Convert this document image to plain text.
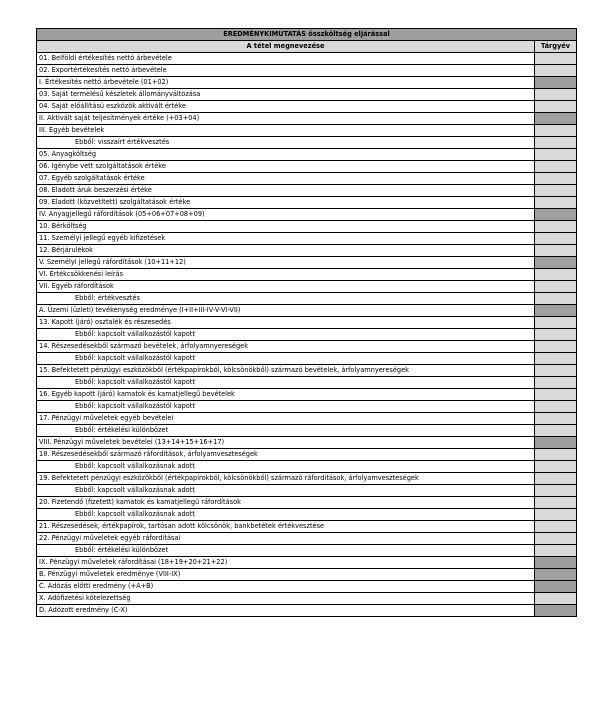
EREDMÉNYKIMUTATÁS összköltség eljárással	
A tétel megnevezése	Tárgyév
01. Belföldi értékesítés nettó árbevétele	
02. Exportértékesítés nettó árbevétele	
I. Értékesítés nettó árbevétele (01+02)	
03. Saját termelésű készletek állományváltozása	
04. Saját előállítású eszközök aktivált értéke	
II. Aktivált saját teljesítmények értéke (+03+04)	
III. Egyéb bevételek	
Ebből: visszaírt értékvesztés	
05. Anyagköltség	
06. Igénybe vett szolgáltatások értéke	
07. Egyéb szolgáltatások értéke	
08. Eladott áruk beszerzési értéke	
09. Eladott (közvetített) szolgáltatások értéke	
IV. Anyagjellegű ráfordítások (05+06+07+08+09)	
10. Bérköltség	
11. Személyi jellegű egyéb kifizetések	
12. Bérjárulékok	
V. Személyi jellegű ráfordítások (10+11+12)	
VI. Értékcsökkenési leírás	
VII. Egyéb ráfordítások	
Ebből: értékvesztés	
A. Üzemi (üzleti) tevékenység eredménye (I+II+III-IV-V-VI-VII)	
13. Kapott (járó) osztalék és részesedés	
Ebből: kapcsolt vállalkozástól kapott	
14. Részesedésekből származó bevételek, árfolyamnyereségek	
Ebből: kapcsolt vállalkozástól kapott	
15. Befektetett pénzügyi eszközökből (értékpapírokból, kölcsönökből) származó bevételek, árfolyamnyereségek	
Ebből: kapcsolt vállalkozástól kapott	
16. Egyéb kapott (járó) kamatok és kamatjellegű bevételek	
Ebből: kapcsolt vállalkozástól kapott	
17. Pénzügyi műveletek egyéb bevételei	
Ebből: értékelési különbözet	
VIII. Pénzügyi műveletek bevételei (13+14+15+16+17)	
18. Részesedésekből származó ráfordítások, árfolyamveszteségek	
Ebből: kapcsolt vállalkozásnak adott	
19. Befektetett pénzügyi eszközökből (értékpapírokból, kölcsönökből) származó ráfordítások, árfolyamveszteségek	
Ebből: kapcsolt vállalkozásnak adott	
20. Fizetendő (fizetett) kamatok és kamatjellegű ráfordítások	
Ebből: kapcsolt vállalkozásnak adott	
21. Részesedések, értékpapírok, tartósan adott kölcsönök, bankbetétek értékvesztése	
22. Pénzügyi műveletek egyéb ráfordításai	
Ebből: értékelési különbözet	
IX. Pénzügyi műveletek ráfordításai (18+19+20+21+22)	
B. Pénzügyi műveletek eredménye (VIII-IX)	
C. Adózás előtti eredmény (+A+B)	
X. Adófizetési kötelezettség	
D. Adózott eredmény (C-X)	
